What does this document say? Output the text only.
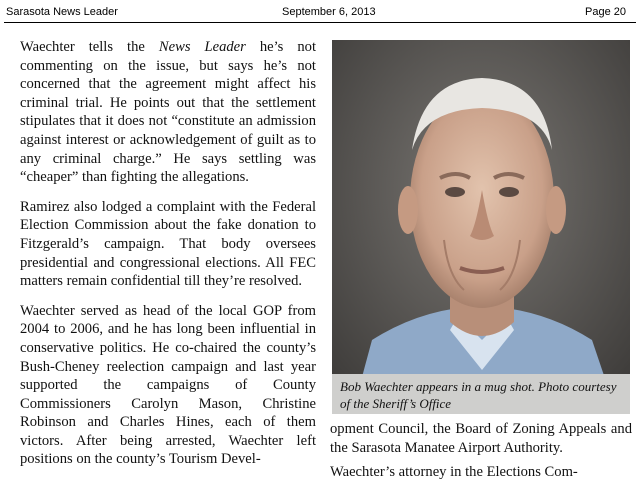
Sarasota News Leader	September 6, 2013	Page 20

Waechter tells the News Leader he’s not commenting on the issue, but says he’s not concerned that the agreement might affect his criminal trial. He points out that the settlement stipulates that it does not “constitute an admission against interest or acknowledgement of guilt as to any criminal charge.” He says settling was “cheaper” than fighting the allegations.

Ramirez also lodged a complaint with the Federal Election Commission about the fake donation to Fitzgerald’s campaign. That body oversees presidential and congressional elections. All FEC matters remain confidential till they’re resolved.

Waechter served as head of the local GOP from 2004 to 2006, and he has long been influential in conservative politics. He co-chaired the county’s Bush-Cheney reelection campaign and last year supported the campaigns of County Commissioners Carolyn Mason, Christine Robinson and Charles Hines, each of them victors. After being arrested, Waechter left positions on the county’s Tourism Devel-

Bob Waechter appears in a mug shot. Photo courtesy of the Sheriff’s Office

opment Council, the Board of Zoning Appeals and the Sarasota Manatee Airport Authority.

Waechter’s attorney in the Elections Com-
